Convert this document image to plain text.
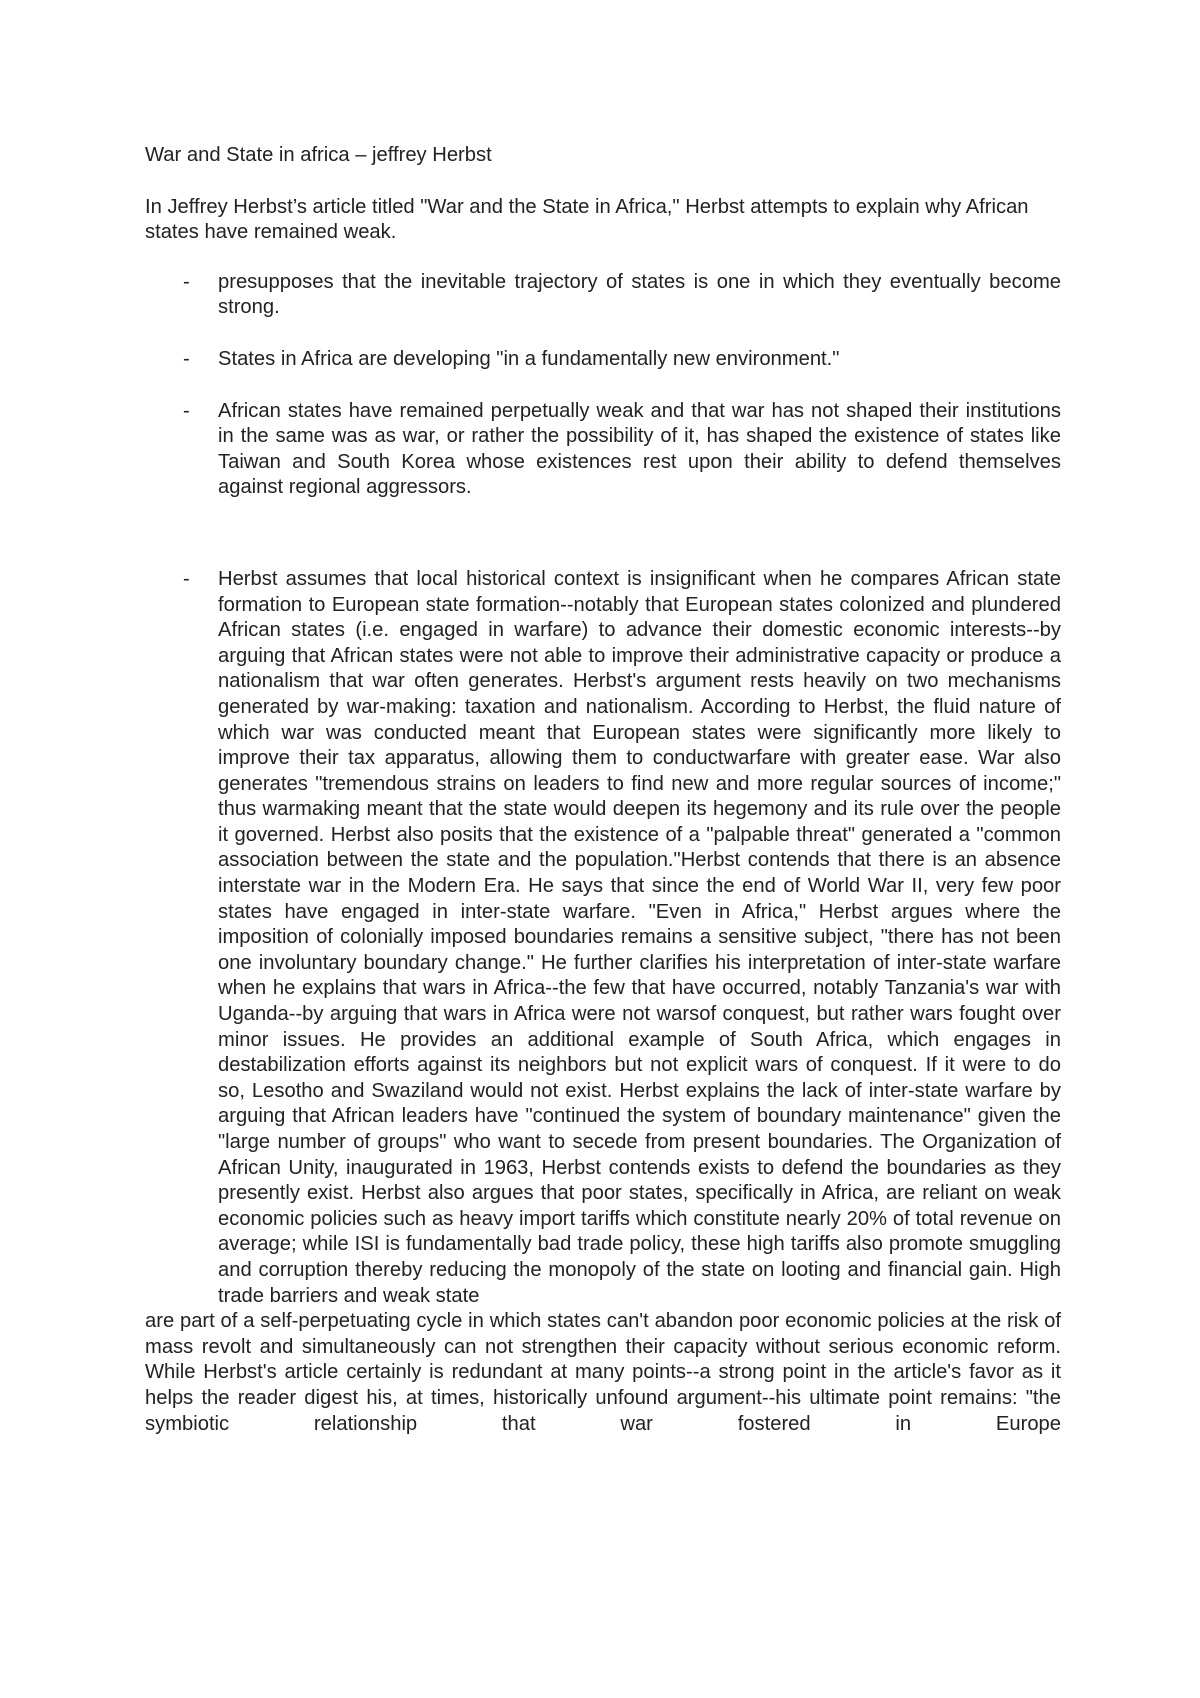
War and State in africa – jeffrey Herbst

In Jeffrey Herbst’s article titled "War and the State in Africa," Herbst attempts to explain why African states have remained weak.

- presupposes that the inevitable trajectory of states is one in which they eventually become strong.
- States in Africa are developing "in a fundamentally new environment."
- African states have remained perpetually weak and that war has not shaped their institutions in the same was as war, or rather the possibility of it, has shaped the existence of states like Taiwan and South Korea whose existences rest upon their ability to defend themselves against regional aggressors.
- Herbst assumes that local historical context is insignificant when he compares African state formation to European state formation--notably that European states colonized and plundered African states (i.e. engaged in warfare) to advance their domestic economic interests--by arguing that African states were not able to improve their administrative capacity or produce a nationalism that war often generates. Herbst's argument rests heavily on two mechanisms generated by war-making: taxation and nationalism. According to Herbst, the fluid nature of which war was conducted meant that European states were significantly more likely to improve their tax apparatus, allowing them to conductwarfare with greater ease. War also generates "tremendous strains on leaders to find new and more regular sources of income;" thus warmaking meant that the state would deepen its hegemony and its rule over the people it governed. Herbst also posits that the existence of a "palpable threat" generated a "common association between the state and the population."Herbst contends that there is an absence interstate war in the Modern Era. He says that since the end of World War II, very few poor states have engaged in inter-state warfare. "Even in Africa," Herbst argues where the imposition of colonially imposed boundaries remains a sensitive subject, "there has not been one involuntary boundary change." He further clarifies his interpretation of inter-state warfare when he explains that wars in Africa--the few that have occurred, notably Tanzania's war with Uganda--by arguing that wars in Africa were not warsof conquest, but rather wars fought over minor issues. He provides an additional example of South Africa, which engages in destabilization efforts against its neighbors but not explicit wars of conquest. If it were to do so, Lesotho and Swaziland would not exist. Herbst explains the lack of inter-state warfare by arguing that African leaders have "continued the system of boundary maintenance" given the "large number of groups" who want to secede from present boundaries. The Organization of African Unity, inaugurated in 1963, Herbst contends exists to defend the boundaries as they presently exist. Herbst also argues that poor states, specifically in Africa, are reliant on weak economic policies such as heavy import tariffs which constitute nearly 20% of total revenue on average; while ISI is fundamentally bad trade policy, these high tariffs also promote smuggling and corruption thereby reducing the monopoly of the state on looting and financial gain. High trade barriers and weak state

are part of a self-perpetuating cycle in which states can't abandon poor economic policies at the risk of mass revolt and simultaneously can not strengthen their capacity without serious economic reform. While Herbst's article certainly is redundant at many points--a strong point in the article's favor as it helps the reader digest his, at times, historically unfound argument--his ultimate point remains: "the symbiotic relationship that war fostered in Europe
